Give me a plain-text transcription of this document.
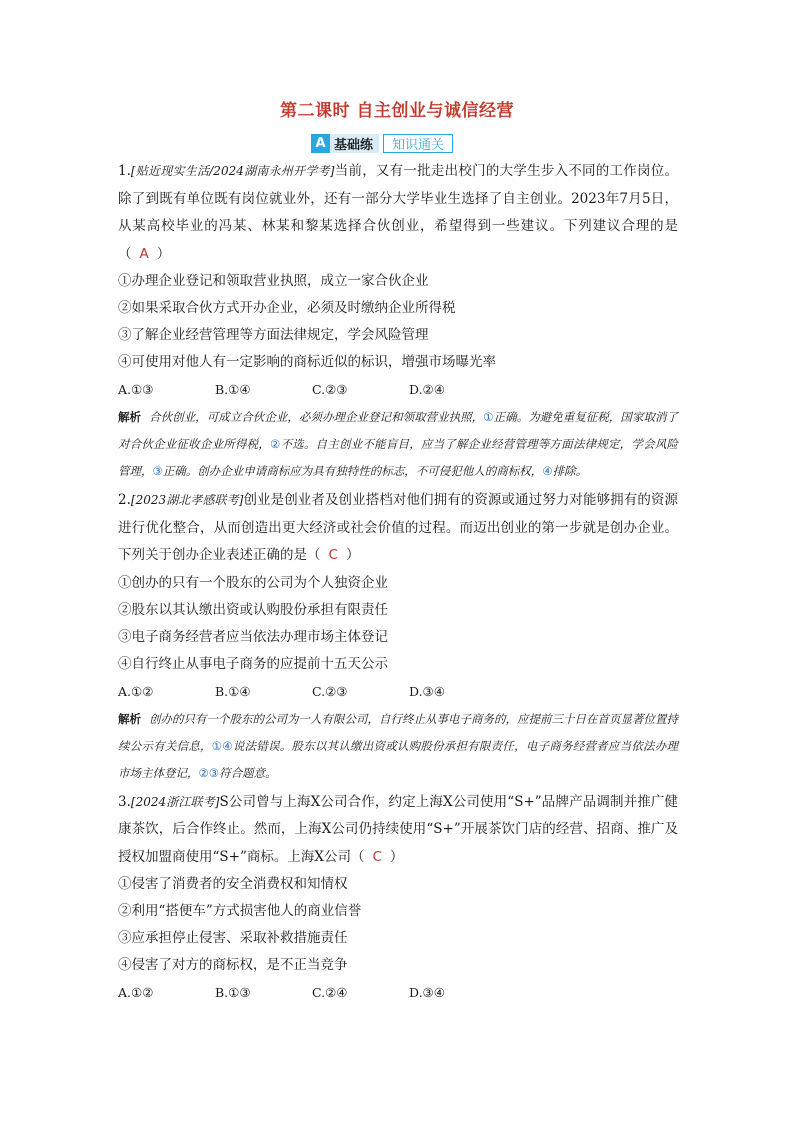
第二课时 自主创业与诚信经营
A 基础练	知识通关
1.[贴近现实生活/2024湖南永州开学考]当前，又有一批走出校门的大学生步入不同的工作岗位。除了到既有单位既有岗位就业外，还有一部分大学毕业生选择了自主创业。2023年7月5日，从某高校毕业的冯某、林某和黎某选择合伙创业，希望得到一些建议。下列建议合理的是（ A ）
①办理企业登记和领取营业执照，成立一家合伙企业
②如果采取合伙方式开办企业，必须及时缴纳企业所得税
③了解企业经营管理等方面法律规定，学会风险管理
④可使用对他人有一定影响的商标近似的标识，增强市场曝光率
A.①③	B.①④	C.②③	D.②④
解析 合伙创业，可成立合伙企业，必须办理企业登记和领取营业执照，①正确。为避免重复征税，国家取消了对合伙企业征收企业所得税，②不选。自主创业不能盲目，应当了解企业经营管理等方面法律规定，学会风险管理，③正确。创办企业申请商标应为具有独特性的标志，不可侵犯他人的商标权，④排除。
2.[2023湖北孝感联考]创业是创业者及创业搭档对他们拥有的资源或通过努力对能够拥有的资源进行优化整合，从而创造出更大经济或社会价值的过程。而迈出创业的第一步就是创办企业。下列关于创办企业表述正确的是（ C ）
①创办的只有一个股东的公司为个人独资企业
②股东以其认缴出资或认购股份承担有限责任
③电子商务经营者应当依法办理市场主体登记
④自行终止从事电子商务的应提前十五天公示
A.①②	B.①④	C.②③	D.③④
解析 创办的只有一个股东的公司为一人有限公司，自行终止从事电子商务的，应提前三十日在首页显著位置持续公示有关信息，①④说法错误。股东以其认缴出资或认购股份承担有限责任，电子商务经营者应当依法办理市场主体登记，②③符合题意。
3.[2024浙江联考]S公司曾与上海X公司合作，约定上海X公司使用“S+”品牌产品调制并推广健康茶饮，后合作终止。然而，上海X公司仍持续使用“S+”开展茶饮门店的经营、招商、推广及授权加盟商使用“S+”商标。上海X公司（ C ）
①侵害了消费者的安全消费权和知情权
②利用“搭便车”方式损害他人的商业信誉
③应承担停止侵害、采取补救措施责任
④侵害了对方的商标权，是不正当竞争
A.①②	B.①③	C.②④	D.③④
